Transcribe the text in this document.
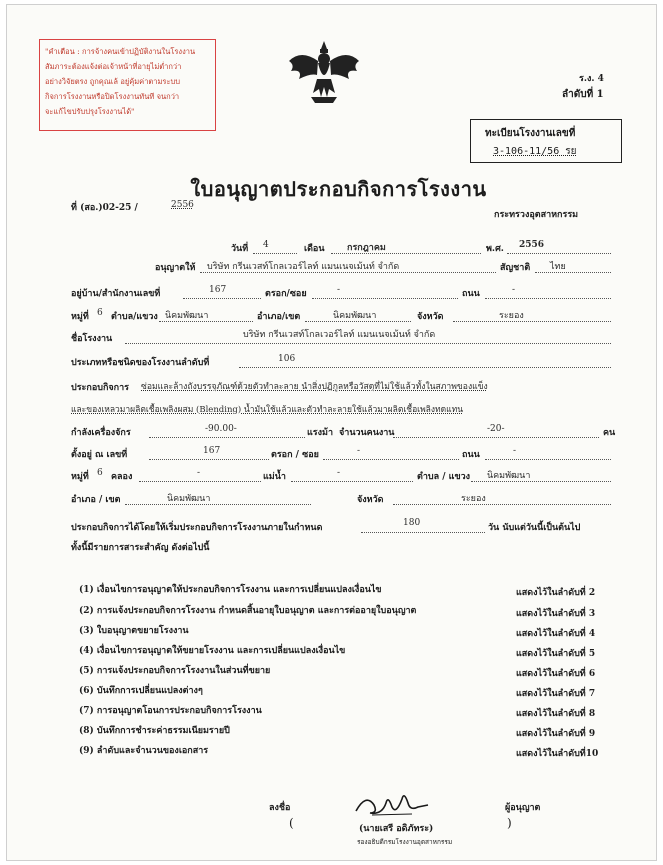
"คำเตือน : การจ้างคนเข้าปฏิบัติงานในโรงงาน
สัมภาระต้องแจ้งต่อเจ้าหน้าที่อายุไม่ต่ำกว่า
อย่างวิจัยตรง ถูกคุณเล้ อยู่คุ้มค่าตามระบบ
กิจการโรงงานหรือปิดโรงงานทันที จนกว่า
จะแก้ไขปรับปรุงโรงงานได้"
ร.ง. 4
ลำดับที่ 1
ทะเบียนโรงงานเลขที่
3-106-11/56 รย
ใบอนุญาตประกอบกิจการโรงงาน
ที่ (สอ.)02-25 /	2556
กระทรวงอุตสาหกรรม
วันที่ 4	เดือน	กรกฎาคม	พ.ศ. 2556
อนุญาตให้ บริษัท กรีนเวสท์โกลเวอร์ไลท์ แมนเนจเม้นท์ จำกัด	สัญชาติ ไทย
อยู่บ้าน/สำนักงานเลขที่	167	ตรอก/ซอย	-	ถนน	-
หมู่ที่ 6 ตำบล/แขวง นิคมพัฒนา	อำเภอ/เขต	นิคมพัฒนา	จังหวัด	ระยอง
ชื่อโรงงาน	บริษัท กรีนเวสท์โกลเวอร์ไลท์ แมนเนจเม้นท์ จำกัด
ประเภทหรือชนิดของโรงงานลำดับที่	106
ประกอบกิจการ ซ่อมและล้างถังบรรจุภัณฑ์ด้วยตัวทำละลาย นำสิ่งปฏิกูลหรือวัสดุที่ไม่ใช้แล้วทั้งในสภาพของแข็ง
และของเหลวมาผลิตเชื้อเพลิงผสม (Blending) น้ำมันใช้แล้วและตัวทำละลายใช้แล้วมาผลิตเชื้อเพลิงทดแทน
กำลังเครื่องจักร	-90.00-	แรงม้า จำนวนคนงาน	-20-	คน
ตั้งอยู่ ณ เลขที่	167	ตรอก / ซอย	-	ถนน	-
หมู่ที่ 6 คลอง	-	แม่น้ำ	-	ตำบล / แขวง นิคมพัฒนา
อำเภอ / เขต	นิคมพัฒนา	จังหวัด	ระยอง
ประกอบกิจการได้โดยให้เริ่มประกอบกิจการโรงงานภายในกำหนด	180	วัน นับแต่วันนี้เป็นต้นไป
ทั้งนี้มีรายการสาระสำคัญ ดังต่อไปนี้
(1) เงื่อนไขการอนุญาตให้ประกอบกิจการโรงงาน และการเปลี่ยนแปลงเงื่อนไข	แสดงไว้ในลำดับที่ 2
(2) การแจ้งประกอบกิจการโรงงาน กำหนดสิ้นอายุใบอนุญาต และการต่ออายุใบอนุญาต	แสดงไว้ในลำดับที่ 3
(3) ใบอนุญาตขยายโรงงาน	แสดงไว้ในลำดับที่ 4
(4) เงื่อนไขการอนุญาตให้ขยายโรงงาน และการเปลี่ยนแปลงเงื่อนไข	แสดงไว้ในลำดับที่ 5
(5) การแจ้งประกอบกิจการโรงงานในส่วนที่ขยาย	แสดงไว้ในลำดับที่ 6
(6) บันทึกการเปลี่ยนแปลงต่างๆ	แสดงไว้ในลำดับที่ 7
(7) การอนุญาตโอนการประกอบกิจการโรงงาน	แสดงไว้ในลำดับที่ 8
(8) บันทึกการชำระค่าธรรมเนียมรายปี	แสดงไว้ในลำดับที่ 9
(9) ลำดับและจำนวนของเอกสาร	แสดงไว้ในลำดับที่10
ลงชื่อ	ผู้อนุญาต
(	(นายเสรี อดิภัทระ)	)
รองอธิบดีกรมโรงงานอุตสาหกรรม
